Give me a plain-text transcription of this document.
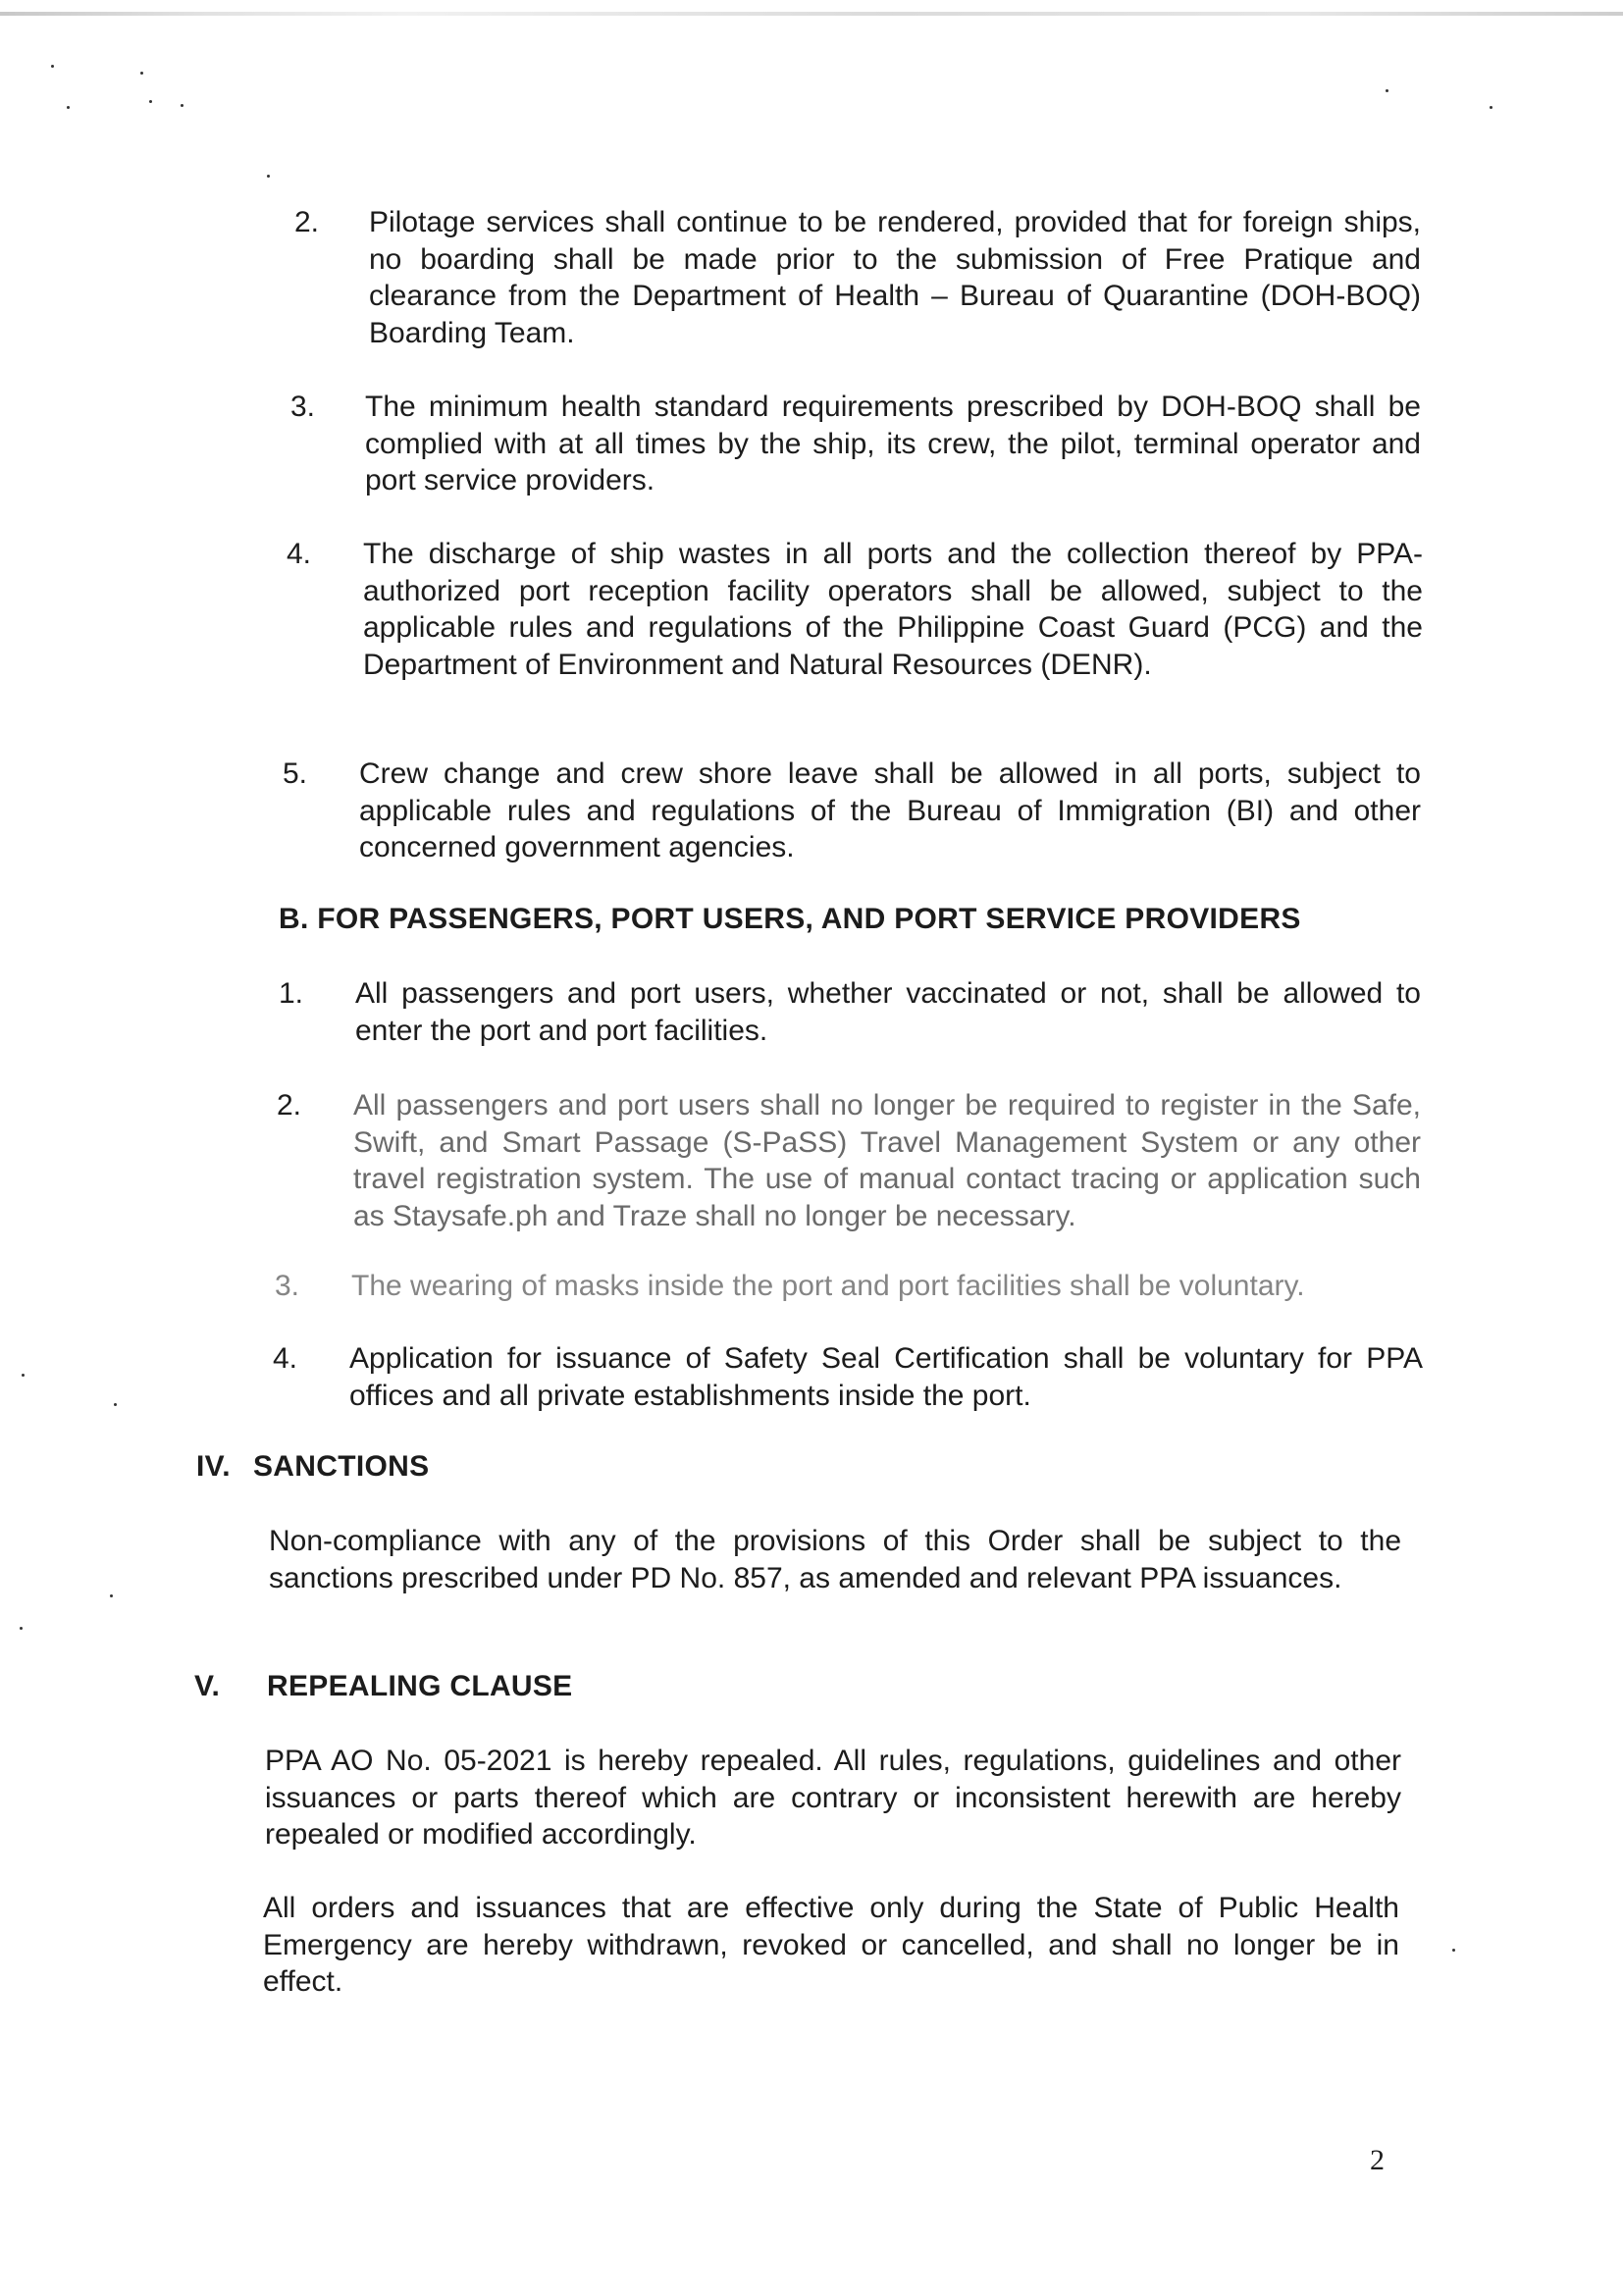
2. Pilotage services shall continue to be rendered, provided that for foreign ships, no boarding shall be made prior to the submission of Free Pratique and clearance from the Department of Health – Bureau of Quarantine (DOH-BOQ) Boarding Team.
3. The minimum health standard requirements prescribed by DOH-BOQ shall be complied with at all times by the ship, its crew, the pilot, terminal operator and port service providers.
4. The discharge of ship wastes in all ports and the collection thereof by PPA-authorized port reception facility operators shall be allowed, subject to the applicable rules and regulations of the Philippine Coast Guard (PCG) and the Department of Environment and Natural Resources (DENR).
5. Crew change and crew shore leave shall be allowed in all ports, subject to applicable rules and regulations of the Bureau of Immigration (BI) and other concerned government agencies.
B. FOR PASSENGERS, PORT USERS, AND PORT SERVICE PROVIDERS
1. All passengers and port users, whether vaccinated or not, shall be allowed to enter the port and port facilities.
2. All passengers and port users shall no longer be required to register in the Safe, Swift, and Smart Passage (S-PaSS) Travel Management System or any other travel registration system. The use of manual contact tracing or application such as Staysafe.ph and Traze shall no longer be necessary.
3. The wearing of masks inside the port and port facilities shall be voluntary.
4. Application for issuance of Safety Seal Certification shall be voluntary for PPA offices and all private establishments inside the port.
IV. SANCTIONS
Non-compliance with any of the provisions of this Order shall be subject to the sanctions prescribed under PD No. 857, as amended and relevant PPA issuances.
V. REPEALING CLAUSE
PPA AO No. 05-2021 is hereby repealed. All rules, regulations, guidelines and other issuances or parts thereof which are contrary or inconsistent herewith are hereby repealed or modified accordingly.
All orders and issuances that are effective only during the State of Public Health Emergency are hereby withdrawn, revoked or cancelled, and shall no longer be in effect.
2
